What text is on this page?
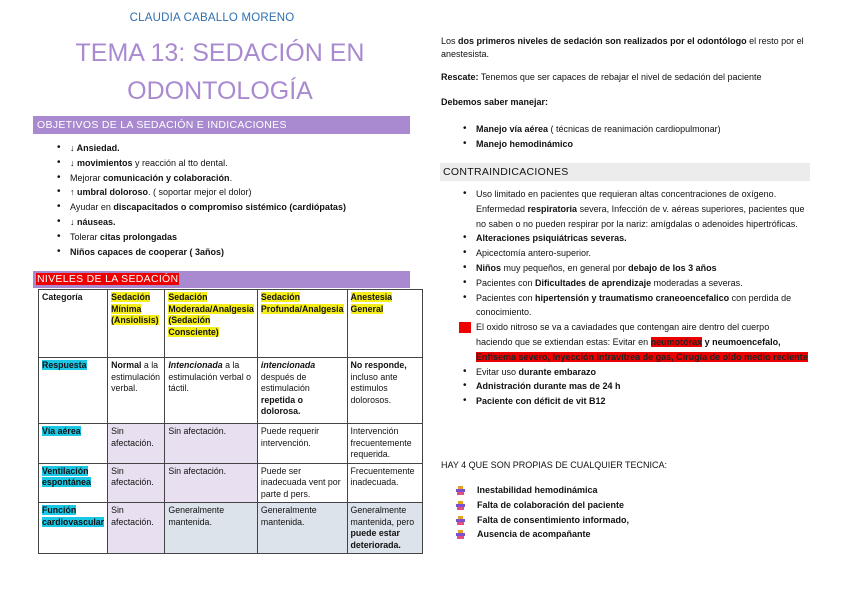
CLAUDIA CABALLO MORENO
TEMA 13: SEDACIÓN EN
ODONTOLOGÍA
OBJETIVOS DE LA SEDACIÓN E INDICACIONES
• ↓ Ansiedad.
• ↓ movimientos y reacción al tto dental.
• Mejorar comunicación y colaboración.
• ↑ umbral doloroso. ( soportar mejor el dolor)
• Ayudar en discapacitados o compromiso sistémico (cardiópatas)
• ↓ náuseas.
• Tolerar citas prolongadas
• Niños capaces de cooperar ( 3años)
NIVELES DE LA SEDACIÓN
Categoría	Sedación Mínima (Ansiolisis)	Sedación Moderada/Analgesia (Sedación Consciente)	Sedación Profunda/Analgesia	Anestesia General
Respuesta	Normal a la estimulación verbal.	Intencionada a la estimulación verbal o táctil.	intencionada después de estimulación repetida o dolorosa.	No responde, incluso ante estimulos dolorosos.
Vía aérea	Sin afectación.	Sin afectación.	Puede requerir intervención.	Intervención frecuentemente requerida.
Ventilación espontánea	Sin afectación.	Sin afectación.	Puede ser inadecuada vent por parte d pers.	Frecuentemente inadecuada.
Función cardiovascular	Sin afectación.	Generalmente mantenida.	Generalmente mantenida.	Generalmente mantenida, pero puede estar deteriorada.
Los dos primeros niveles de sedación son realizados por el odontólogo el resto por el anestesista.
Rescate: Tenemos que ser capaces de rebajar el nivel de sedación del paciente
Debemos saber manejar:
• Manejo vía aérea ( técnicas de reanimación cardiopulmonar)
• Manejo hemodinámico
CONTRAINDICACIONES
• Uso limitado en pacientes que requieran altas concentraciones de oxígeno. Enfermedad respiratoria severa, Infección de v. aéreas superiores, pacientes que no saben o no pueden respirar por la nariz: amígdalas o adenoides hipertróficas.
• Alteraciones psiquiátricas severas.
• Apicectomía antero-superior.
• Niños muy pequeños, en general por debajo de los 3 años
• Pacientes con Dificultades de aprendizaje moderadas a severas.
• Pacientes con hipertensión y traumatismo craneoencefalico con perdida de conocimiento.
El oxido nitroso se va a caviadades que contengan aire dentro del cuerpo haciendo que se extiendan estas: Evitar en neumotórax y neumoencefalo, Enfisema severo, Inyección intravítrea de gas, Cirugía de oído medio reciente
• Evitar uso durante embarazo
• Adnistración durante mas de 24 h
• Paciente con déficit de vit B12
HAY 4 QUE SON PROPIAS DE CUALQUIER TECNICA:
Inestabilidad hemodinámica
Falta de colaboración del paciente
Falta de consentimiento informado,
Ausencia de acompañante
